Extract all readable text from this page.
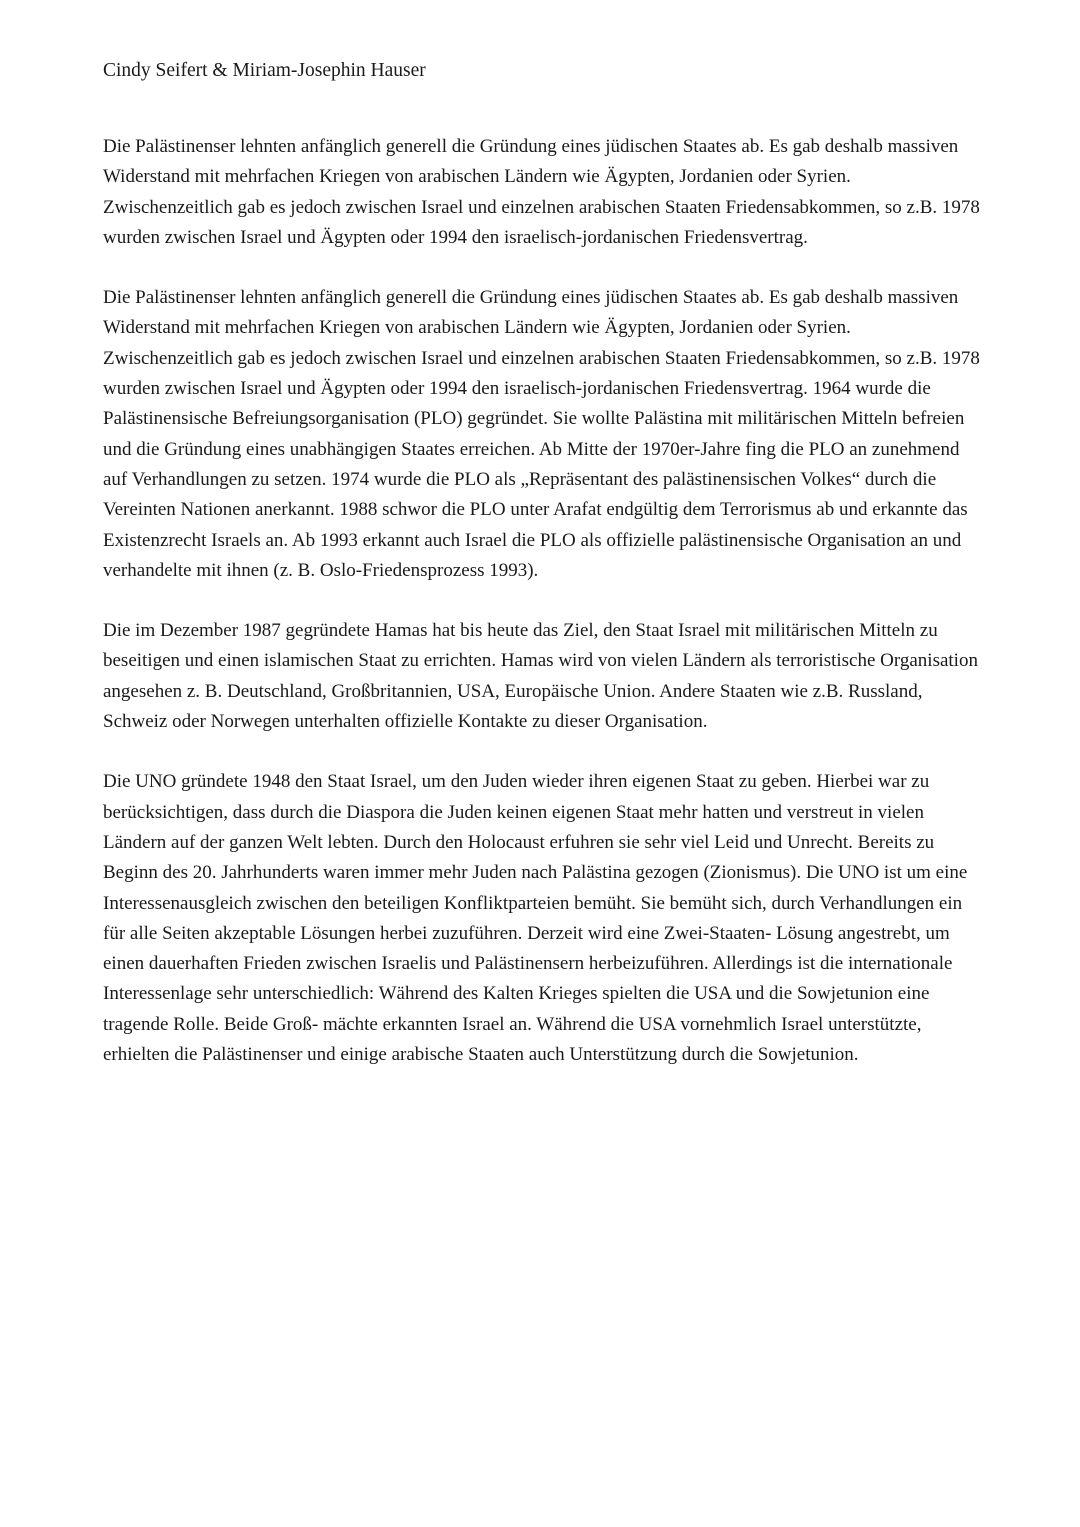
Cindy Seifert & Miriam-Josephin Hauser

Die Palästinenser lehnten anfänglich generell die Gründung eines jüdischen Staates ab. Es gab deshalb massiven Widerstand mit mehrfachen Kriegen von arabischen Ländern wie Ägypten, Jordanien oder Syrien. Zwischenzeitlich gab es jedoch zwischen Israel und einzelnen arabischen Staaten Friedensabkommen, so z.B. 1978 wurden zwischen Israel und Ägypten oder 1994 den israelisch-jordanischen Friedensvertrag.

Die Palästinenser lehnten anfänglich generell die Gründung eines jüdischen Staates ab. Es gab deshalb massiven Widerstand mit mehrfachen Kriegen von arabischen Ländern wie Ägypten, Jordanien oder Syrien. Zwischenzeitlich gab es jedoch zwischen Israel und einzelnen arabischen Staaten Friedensabkommen, so z.B. 1978 wurden zwischen Israel und Ägypten oder 1994 den israelisch-jordanischen Friedensvertrag. 1964 wurde die Palästinensische Befreiungsorganisation (PLO) gegründet. Sie wollte Palästina mit militärischen Mitteln befreien und die Gründung eines unabhängigen Staates erreichen. Ab Mitte der 1970er-Jahre fing die PLO an zunehmend auf Verhandlungen zu setzen. 1974 wurde die PLO als „Repräsentant des palästinensischen Volkes“ durch die Vereinten Nationen anerkannt. 1988 schwor die PLO unter Arafat endgültig dem Terrorismus ab und erkannte das Existenzrecht Israels an. Ab 1993 erkannt auch Israel die PLO als offizielle palästinensische Organisation an und verhandelte mit ihnen (z. B. Oslo-Friedensprozess 1993).

Die im Dezember 1987 gegründete Hamas hat bis heute das Ziel, den Staat Israel mit militärischen Mitteln zu beseitigen und einen islamischen Staat zu errichten. Hamas wird von vielen Ländern als terroristische Organisation angesehen z. B. Deutschland, Großbritannien, USA, Europäische Union. Andere Staaten wie z.B. Russland, Schweiz oder Norwegen unterhalten offizielle Kontakte zu dieser Organisation.

Die UNO gründete 1948 den Staat Israel, um den Juden wieder ihren eigenen Staat zu geben. Hierbei war zu berücksichtigen, dass durch die Diaspora die Juden keinen eigenen Staat mehr hatten und verstreut in vielen Ländern auf der ganzen Welt lebten. Durch den Holocaust erfuhren sie sehr viel Leid und Unrecht. Bereits zu Beginn des 20. Jahrhunderts waren immer mehr Juden nach Palästina gezogen (Zionismus). Die UNO ist um eine Interessenausgleich zwischen den beteiligen Konfliktparteien bemüht. Sie bemüht sich, durch Verhandlungen ein für alle Seiten akzeptable Lösungen herbei zuzuführen. Derzeit wird eine Zwei-Staaten- Lösung angestrebt, um einen dauerhaften Frieden zwischen Israelis und Palästinensern herbeizuführen. Allerdings ist die internationale Interessenlage sehr unterschiedlich: Während des Kalten Krieges spielten die USA und die Sowjetunion eine tragende Rolle. Beide Groß- mächte erkannten Israel an. Während die USA vornehmlich Israel unterstützte, erhielten die Palästinenser und einige arabische Staaten auch Unterstützung durch die Sowjetunion.
